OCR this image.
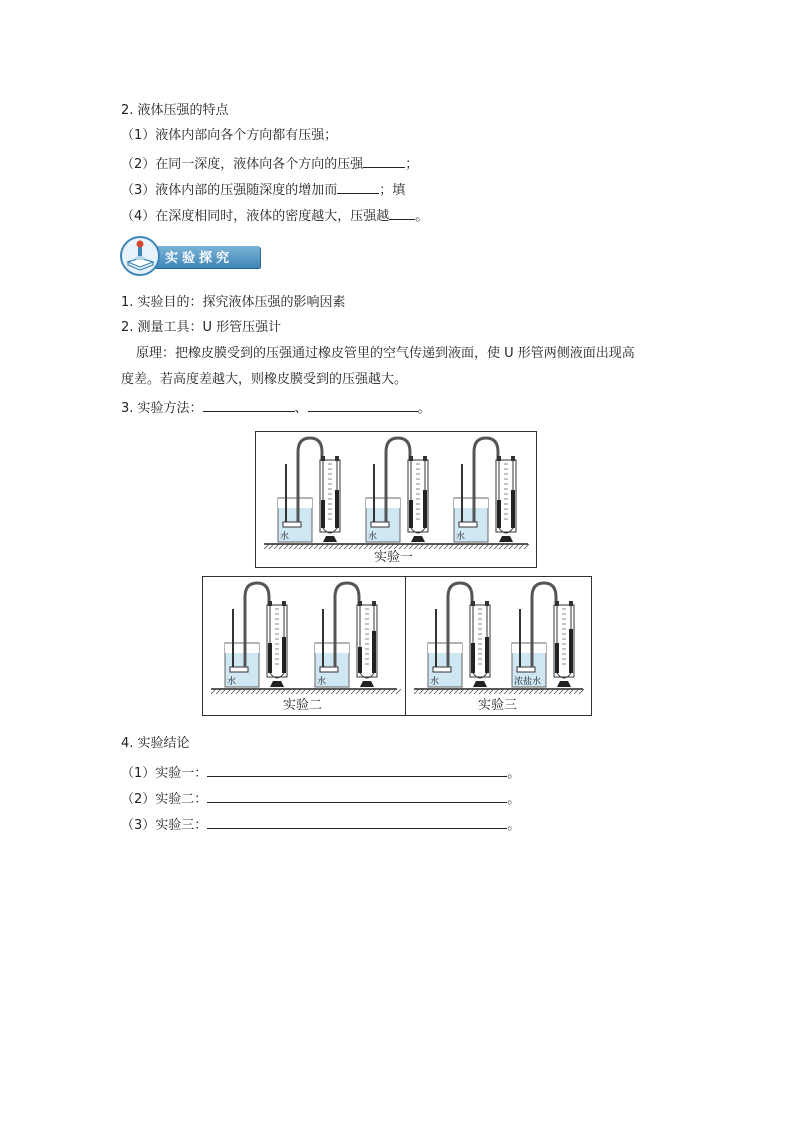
2. 液体压强的特点
（1）液体内部向各个方向都有压强；
（2）在同一深度，液体向各个方向的压强	；
（3）液体内部的压强随深度的增加而	；填
（4）在深度相同时，液体的密度越大，压强越 。
实验探究
1. 实验目的：探究液体压强的影响因素
2. 测量工具：U 形管压强计
原理：把橡皮膜受到的压强通过橡皮管里的空气传递到液面，使 U 形管两侧液面出现高
度差。若高度差越大，则橡皮膜受到的压强越大。
3. 实验方法：	、	。
水	水	水
实验一
水	水
实验二
水	浓盐水
实验三
4. 实验结论
（1）实验一：	。
（2）实验二：	。
（3）实验三：	。
